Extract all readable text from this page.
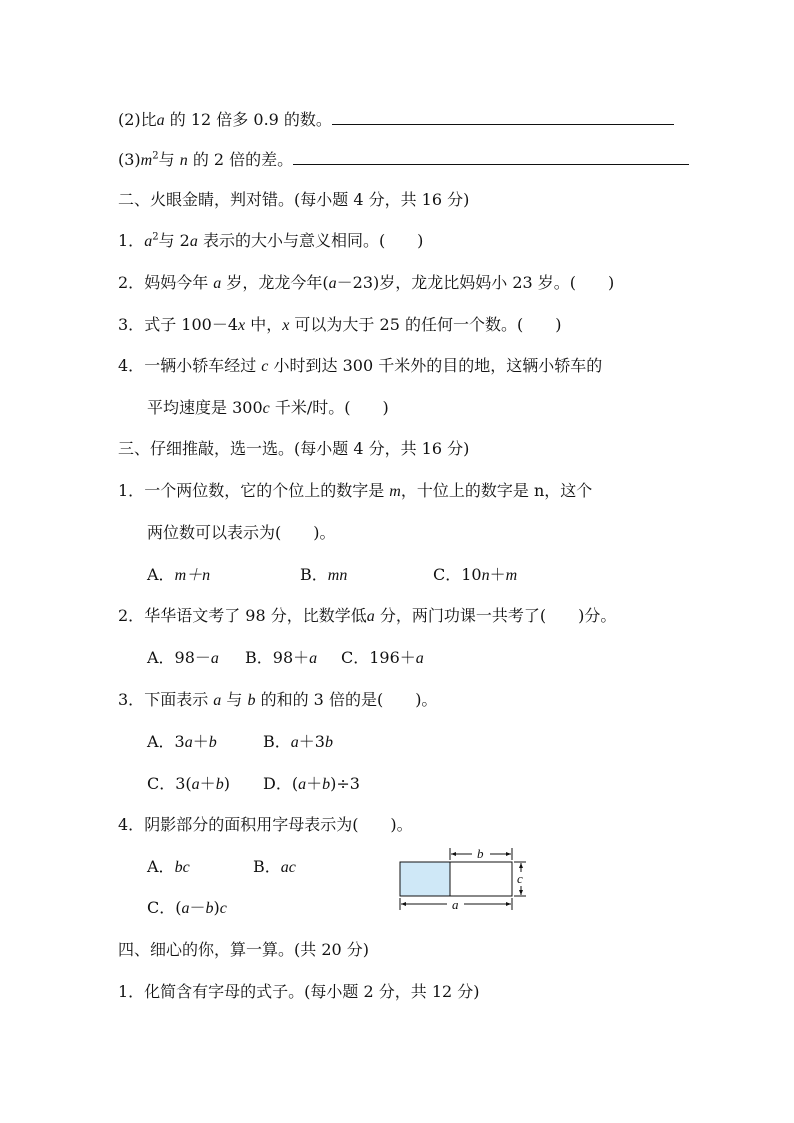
(2)比a 的 12 倍多 0.9 的数。
$(3)m^2$与 n 的 2 倍的差。
二、火眼金睛，判对错。(每小题 4 分，共 16 分)
1．$a^2$与 2a 表示的大小与意义相同。(　　)
2．妈妈今年 a 岁，龙龙今年(a－23)岁，龙龙比妈妈小 23 岁。(　　)
3．式子 100－4x 中，x 可以为大于 25 的任何一个数。(　　)
4．一辆小轿车经过 c 小时到达 300 千米外的目的地，这辆小轿车的
平均速度是 300c 千米/时。(　　)
三、仔细推敲，选一选。(每小题 4 分，共 16 分)
1．一个两位数，它的个位上的数字是 m，十位上的数字是 n，这个
两位数可以表示为(　　)。
A．m＋n	B．mn	C．10n＋m
2．华华语文考了 98 分，比数学低a 分，两门功课一共考了(　　)分。
A．98－a B．98＋a C．196＋a
3．下面表示 a 与 b 的和的 3 倍的是(　　)。
A．3a＋b	B．a＋3b
C．3(a＋b) D．(a＋b)÷3
4．阴影部分的面积用字母表示为(　　)。
A．bc	B．ac
C．(a－b)c
b
c
a
四、细心的你，算一算。(共 20 分)
1．化简含有字母的式子。(每小题 2 分，共 12 分)
